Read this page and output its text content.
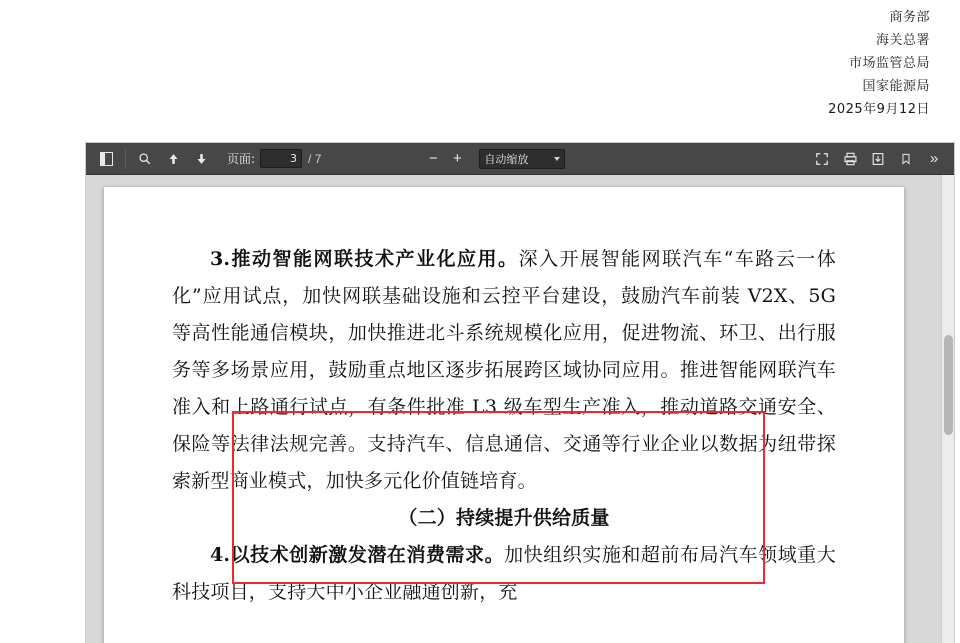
商务部
海关总署
市场监管总局
国家能源局
2025年9月12日
页面:
3	/ 7	−	+	自动缩放	»

3.推动智能网联技术产业化应用。深入开展智能网联汽车“车路云一体化”应用试点，加快网联基础设施和云控平台建设，鼓励汽车前装 V2X、5G 等高性能通信模块，加快推进北斗系统规模化应用，促进物流、环卫、出行服务等多场景应用，鼓励重点地区逐步拓展跨区域协同应用。推进智能网联汽车准入和上路通行试点，有条件批准 L3 级车型生产准入，推动道路交通安全、保险等法律法规完善。支持汽车、信息通信、交通等行业企业以数据为纽带探索新型商业模式，加快多元化价值链培育。

（二）持续提升供给质量

4.以技术创新激发潜在消费需求。加快组织实施和超前布局汽车领域重大科技项目，支持大中小企业融通创新，充
